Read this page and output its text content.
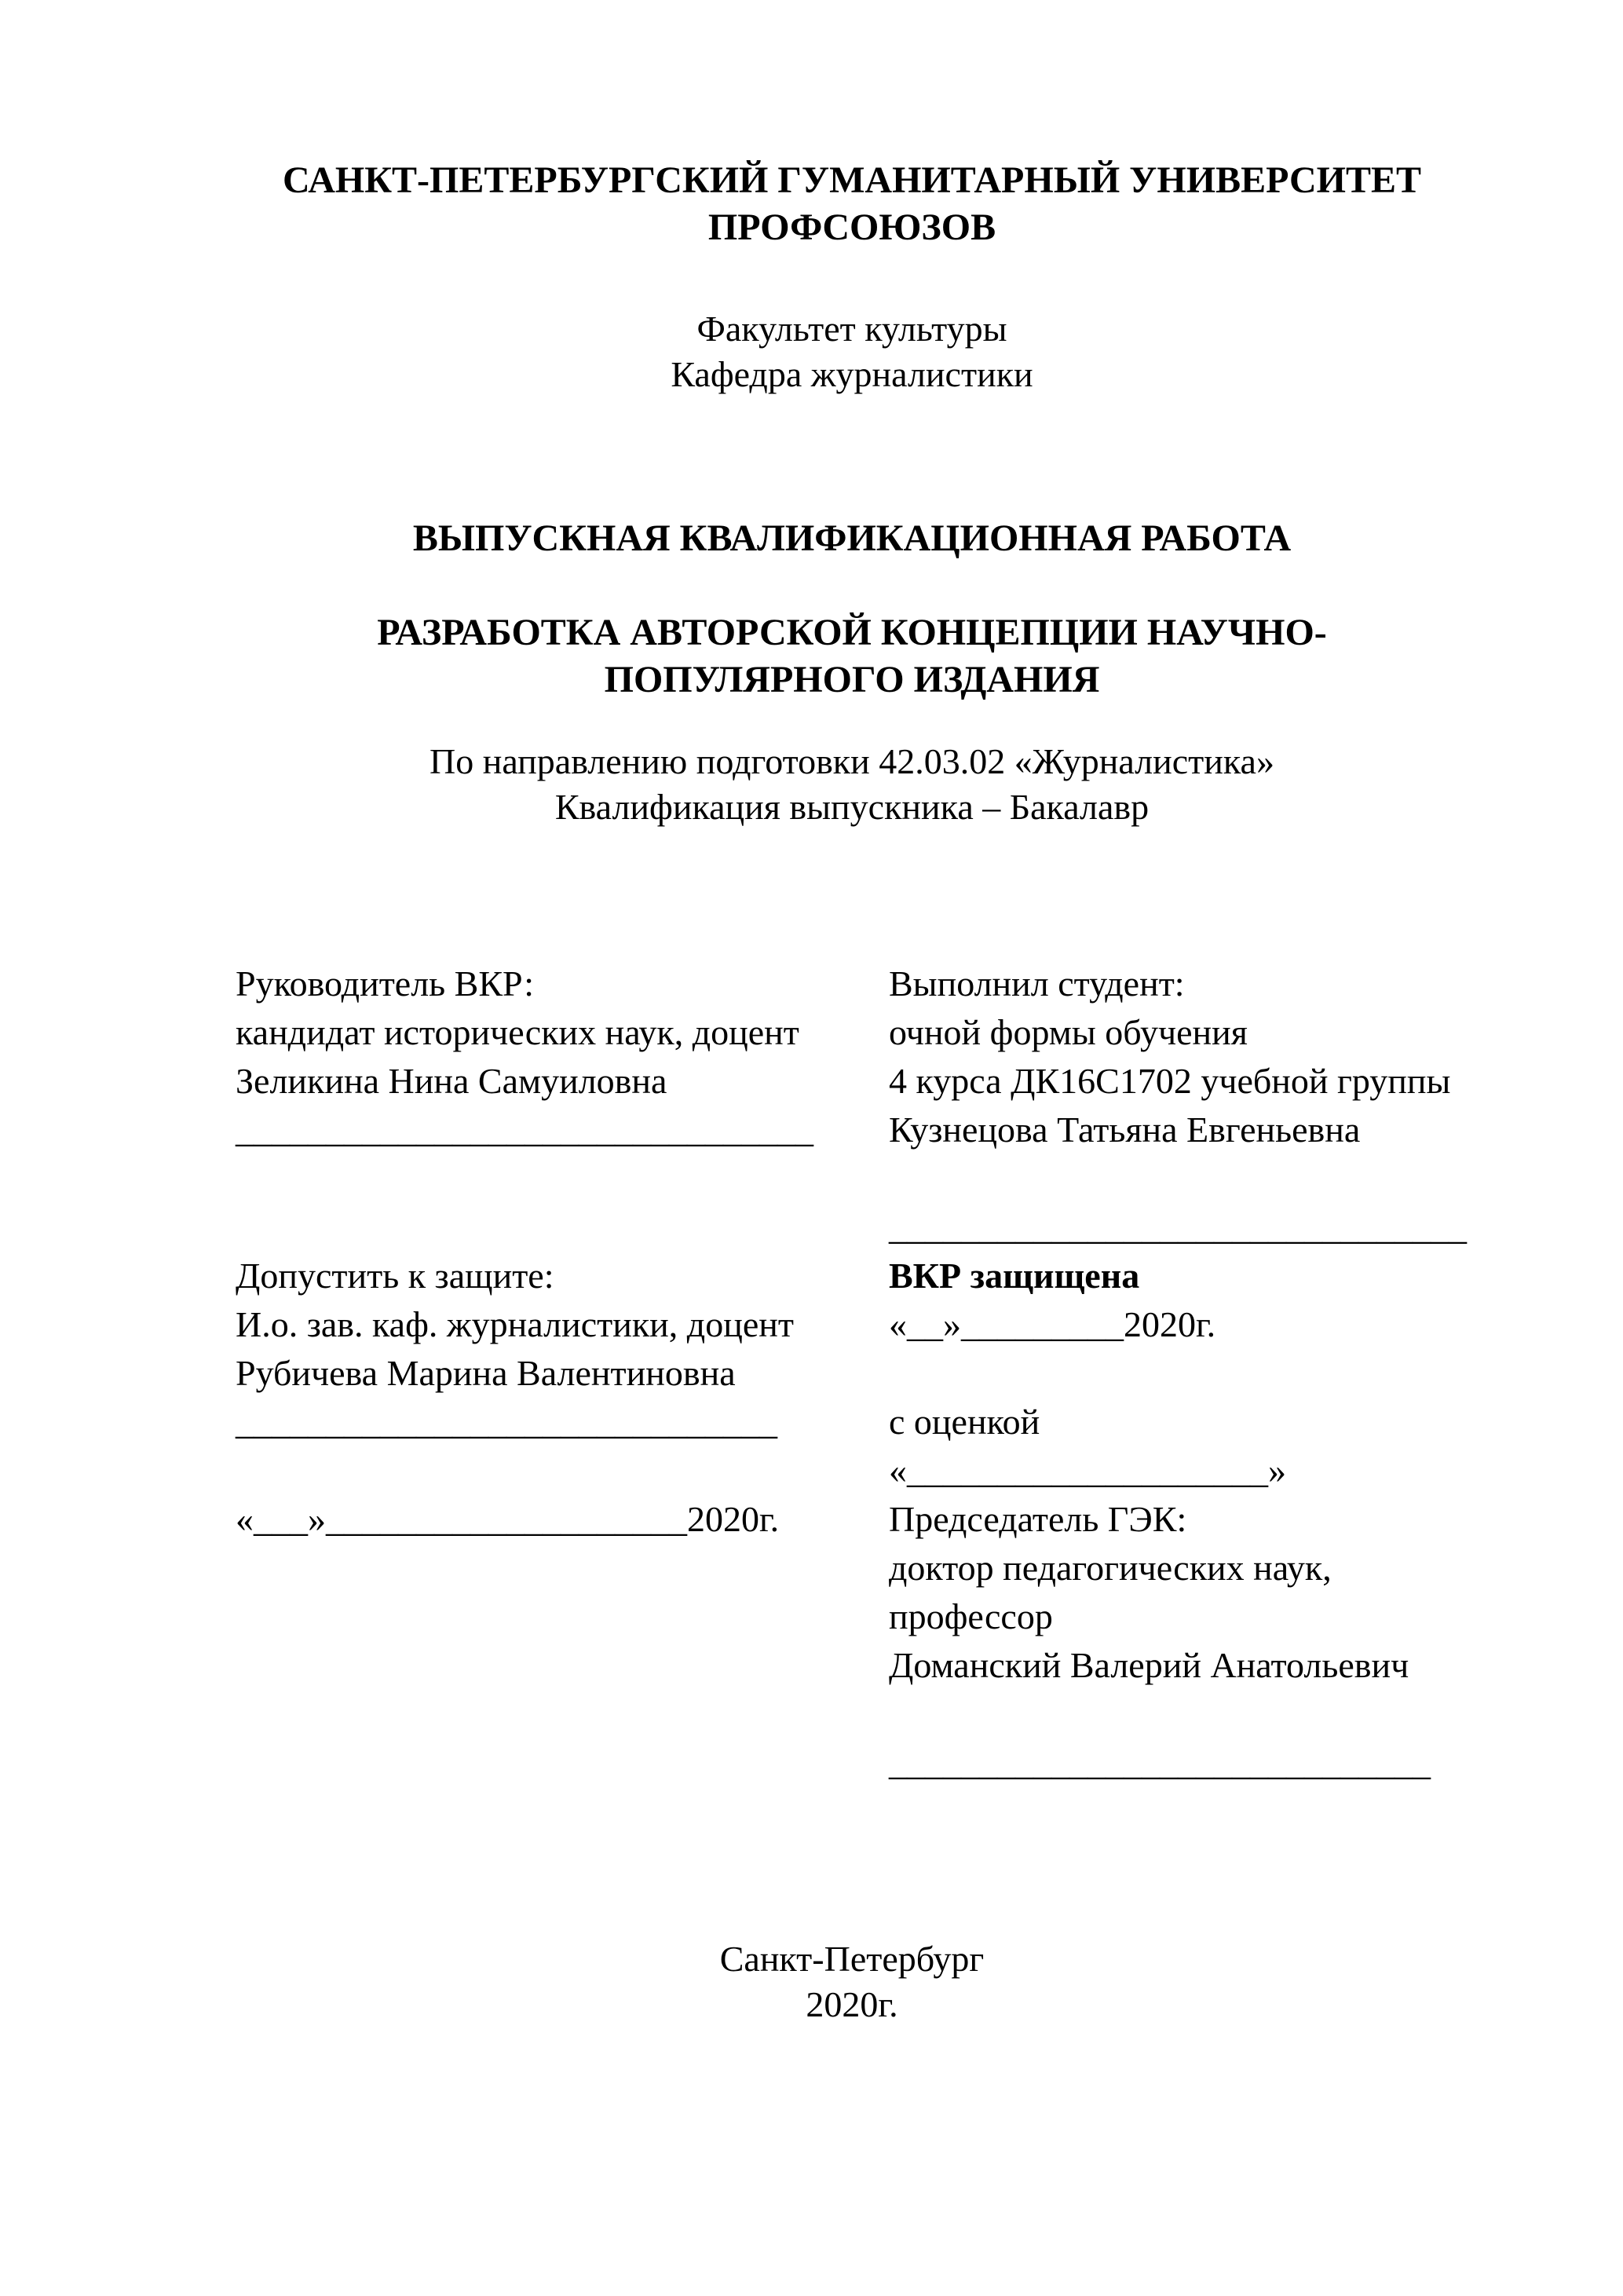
САНКТ-ПЕТЕРБУРГСКИЙ ГУМАНИТАРНЫЙ УНИВЕРСИТЕТ
ПРОФСОЮЗОВ
Факультет культуры
Кафедра журналистики
ВЫПУСКНАЯ КВАЛИФИКАЦИОННАЯ РАБОТА
РАЗРАБОТКА АВТОРСКОЙ КОНЦЕПЦИИ НАУЧНО-
ПОПУЛЯРНОГО ИЗДАНИЯ
По направлению подготовки 42.03.02 «Журналистика»
Квалификация выпускника – Бакалавр
Руководитель ВКР:
кандидат исторических наук, доцент
Зеликина Нина Самуиловна
________________________________
Допустить к защите:
И.о. зав. каф. журналистики, доцент
Рубичева Марина Валентиновна
______________________________
«___»____________________2020г.
Выполнил студент:
очной формы обучения
4 курса ДК16С1702 учебной группы
Кузнецова Татьяна Евгеньевна
________________________________
ВКР защищена
«__»_________2020г.
с оценкой
«____________________»
Председатель ГЭК:
доктор педагогических наук,
профессор
Доманский Валерий Анатольевич
______________________________
Санкт-Петербург
2020г.
